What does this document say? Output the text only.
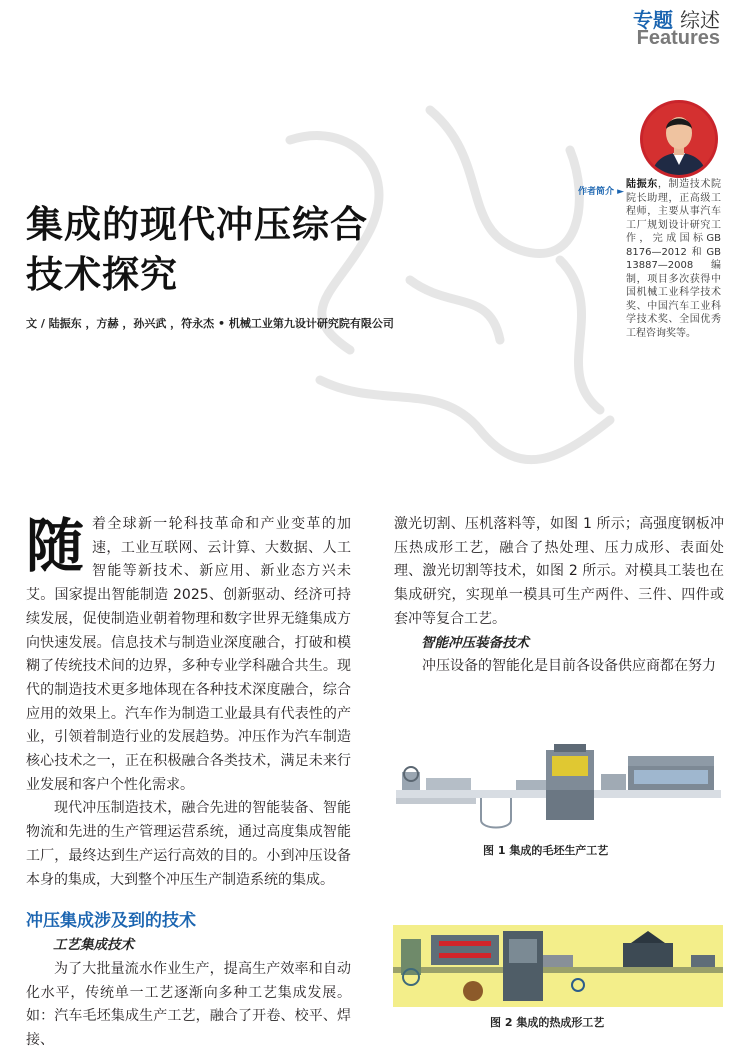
专题 综述
Features
作者简介 ►
陆振东，制造技术院院长助理，正高级工程师，主要从事汽车工厂规划设计研究工作，完成国标GB 8176—2012和GB 13887—2008编制，项目多次获得中国机械工业科学技术奖、中国汽车工业科学技术奖、全国优秀工程咨询奖等。
集成的现代冲压综合
技术探究
文 / 陆振东 ，方赫 ，孙兴武 ，符永杰 • 机械工业第九设计研究院有限公司

随着全球新一轮科技革命和产业变革的加速，工业互联网、云计算、大数据、人工智能等新技术、新应用、新业态方兴未艾。国家提出智能制造 2025、创新驱动、经济可持续发展，促使制造业朝着物理和数字世界无缝集成方向快速发展。信息技术与制造业深度融合，打破和模糊了传统技术间的边界，多种专业学科融合共生。现代的制造技术更多地体现在各种技术深度融合，综合应用的效果上。汽车作为制造工业最具有代表性的产业，引领着制造行业的发展趋势。冲压作为汽车制造核心技术之一，正在积极融合各类技术，满足未来行业发展和客户个性化需求。

现代冲压制造技术，融合先进的智能装备、智能物流和先进的生产管理运营系统，通过高度集成智能工厂，最终达到生产运行高效的目的。小到冲压设备本身的集成，大到整个冲压生产制造系统的集成。

冲压集成涉及到的技术

工艺集成技术

为了大批量流水作业生产，提高生产效率和自动化水平，传统单一工艺逐渐向多种工艺集成发展。如：汽车毛坯集成生产工艺，融合了开卷、校平、焊接、

激光切割、压机落料等，如图 1 所示；高强度钢板冲压热成形工艺，融合了热处理、压力成形、表面处理、激光切割等技术，如图 2 所示。对模具工装也在集成研究，实现单一模具可生产两件、三件、四件或套冲等复合工艺。

智能冲压装备技术

冲压设备的智能化是目前各设备供应商都在努力

图 1 集成的毛坯生产工艺
图 2 集成的热成形工艺
